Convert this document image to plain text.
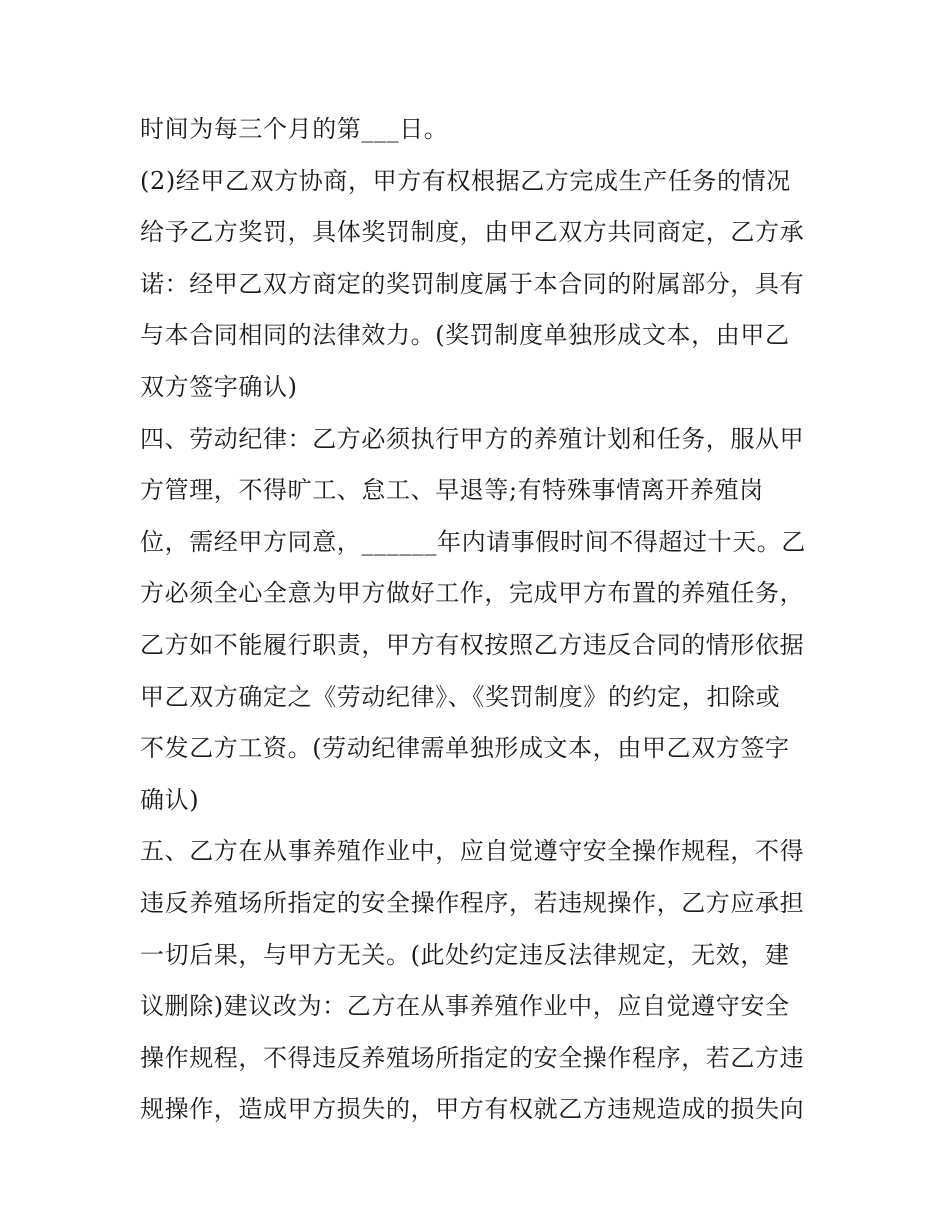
时间为每三个月的第___日。
(2)经甲乙双方协商，甲方有权根据乙方完成生产任务的情况
给予乙方奖罚，具体奖罚制度，由甲乙双方共同商定，乙方承
诺：经甲乙双方商定的奖罚制度属于本合同的附属部分，具有
与本合同相同的法律效力。(奖罚制度单独形成文本，由甲乙
双方签字确认)
四、劳动纪律：乙方必须执行甲方的养殖计划和任务，服从甲
方管理，不得旷工、怠工、早退等;有特殊事情离开养殖岗
位，需经甲方同意，______年内请事假时间不得超过十天。乙
方必须全心全意为甲方做好工作，完成甲方布置的养殖任务，
乙方如不能履行职责，甲方有权按照乙方违反合同的情形依据
甲乙双方确定之《劳动纪律》、《奖罚制度》的约定，扣除或
不发乙方工资。(劳动纪律需单独形成文本，由甲乙双方签字
确认)
五、乙方在从事养殖作业中，应自觉遵守安全操作规程，不得
违反养殖场所指定的安全操作程序，若违规操作，乙方应承担
一切后果，与甲方无关。(此处约定违反法律规定，无效，建
议删除)建议改为：乙方在从事养殖作业中，应自觉遵守安全
操作规程，不得违反养殖场所指定的安全操作程序，若乙方违
规操作，造成甲方损失的，甲方有权就乙方违规造成的损失向
